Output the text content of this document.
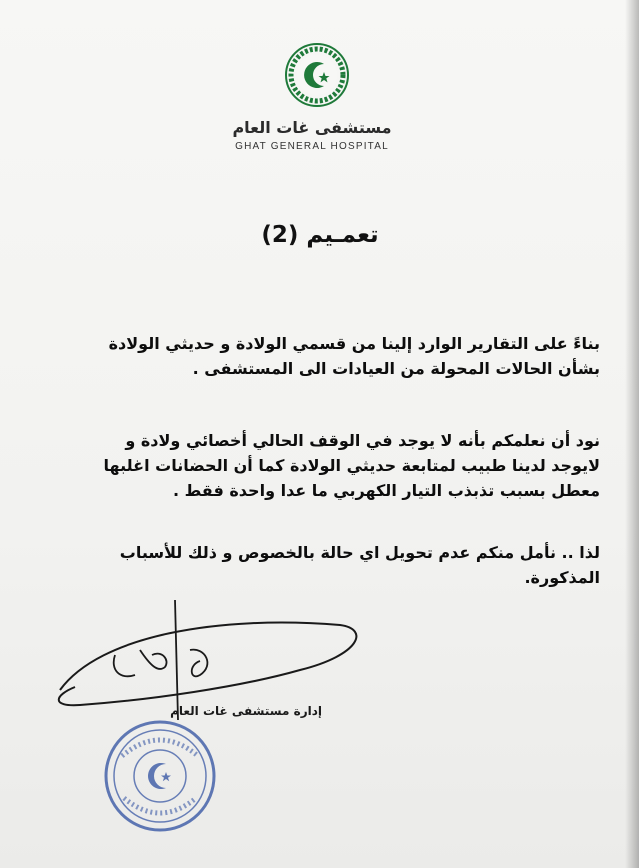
مستشفى غات العام
GHAT GENERAL HOSPITAL
تعمـيم (2)
بناءً على التقارير الوارد إلينا من قسمي الولادة و حديثي الولادة
بشأن الحالات المحولة من العيادات الى المستشفى .
نود أن نعلمكم بأنه لا يوجد في الوقف الحالي أخصائي ولادة و
لايوجد لدينا طبيب لمتابعة حديثي الولادة كما أن الحضانات اغلبها
معطل بسبب تذبذب التيار الكهربي ما عدا واحدة فقط .
لذا .. نأمل منكم عدم تحويل اي حالة بالخصوص و ذلك للأسباب
المذكورة.
إدارة مستشفى غات العام
